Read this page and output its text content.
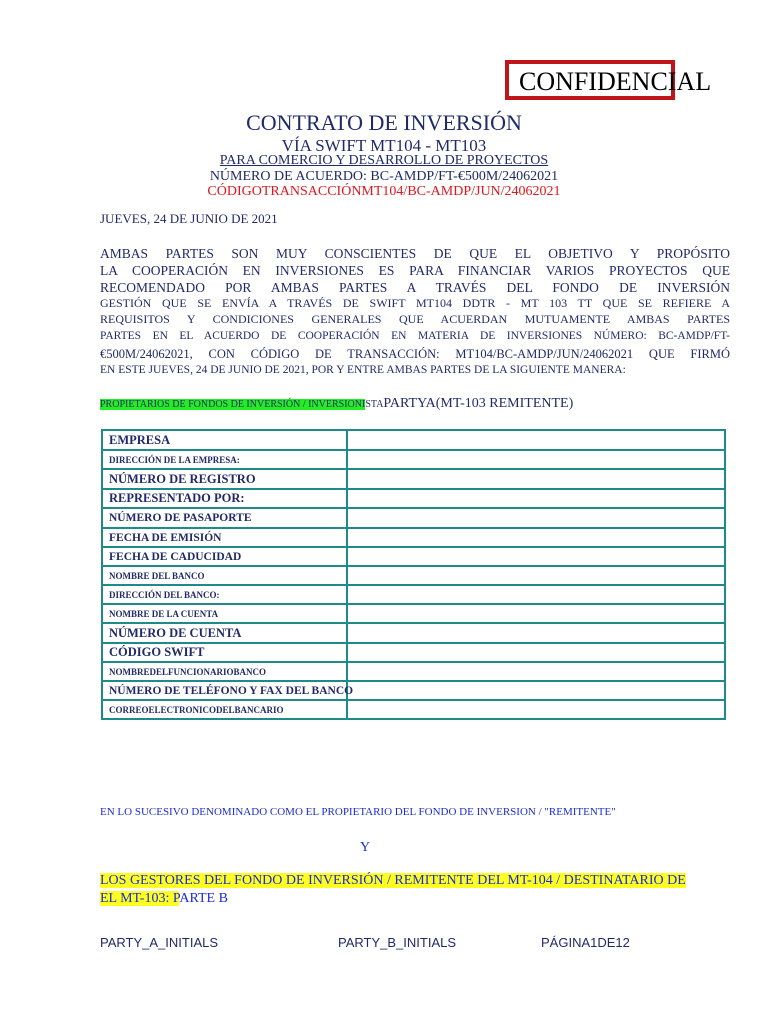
CONFIDENCIAL
CONTRATO DE INVERSIÓN
VÍA SWIFT MT104 - MT103
PARA COMERCIO Y DESARROLLO DE PROYECTOS
NÚMERO DE ACUERDO: BC-AMDP/FT-€500M/24062021
CÓDIGOTRANSACCIÓNMT104/BC-AMDP/JUN/24062021
JUEVES, 24 DE JUNIO DE 2021
AMBAS PARTES SON MUY CONSCIENTES DE QUE EL OBJETIVO Y PROPÓSITO
LA COOPERACIÓN EN INVERSIONES ES PARA FINANCIAR VARIOS PROYECTOS QUE
RECOMENDADO POR AMBAS PARTES A TRAVÉS DEL FONDO DE INVERSIÓN
GESTIÓN QUE SE ENVÍA A TRAVÉS DE SWIFT MT104 DDTR - MT 103 TT QUE SE REFIERE A
REQUISITOS Y CONDICIONES GENERALES QUE ACUERDAN MUTUAMENTE AMBAS PARTES
PARTES EN EL ACUERDO DE COOPERACIÓN EN MATERIA DE INVERSIONES NÚMERO: BC-AMDP/FT-
€500M/24062021, CON CÓDIGO DE TRANSACCIÓN: MT104/BC-AMDP/JUN/24062021 QUE FIRMÓ
EN ESTE JUEVES, 24 DE JUNIO DE 2021, POR Y ENTRE AMBAS PARTES DE LA SIGUIENTE MANERA:
PROPIETARIOS DE FONDOS DE INVERSIÓN / INVERSIONISTAPARTYA(MT-103 REMITENTE)
EMPRESA	
DIRECCIÓN DE LA EMPRESA:	
NÚMERO DE REGISTRO	
REPRESENTADO POR:	
NÚMERO DE PASAPORTE	
FECHA DE EMISIÓN	
FECHA DE CADUCIDAD	
NOMBRE DEL BANCO	
DIRECCIÓN DEL BANCO:	
NOMBRE DE LA CUENTA	
NÚMERO DE CUENTA	
CÓDIGO SWIFT	
NOMBREDELFUNCIONARIOBANCO	
NÚMERO DE TELÉFONO Y FAX DEL BANCO	
CORREOELECTRONICODELBANCARIO	
EN LO SUCESIVO DENOMINADO COMO EL PROPIETARIO DEL FONDO DE INVERSION / "REMITENTE"
Y
LOS GESTORES DEL FONDO DE INVERSIÓN / REMITENTE DEL MT-104 / DESTINATARIO DE
EL MT-103: PARTE B
PARTY_A_INITIALS	PARTY_B_INITIALS	PÁGINA1DE12
